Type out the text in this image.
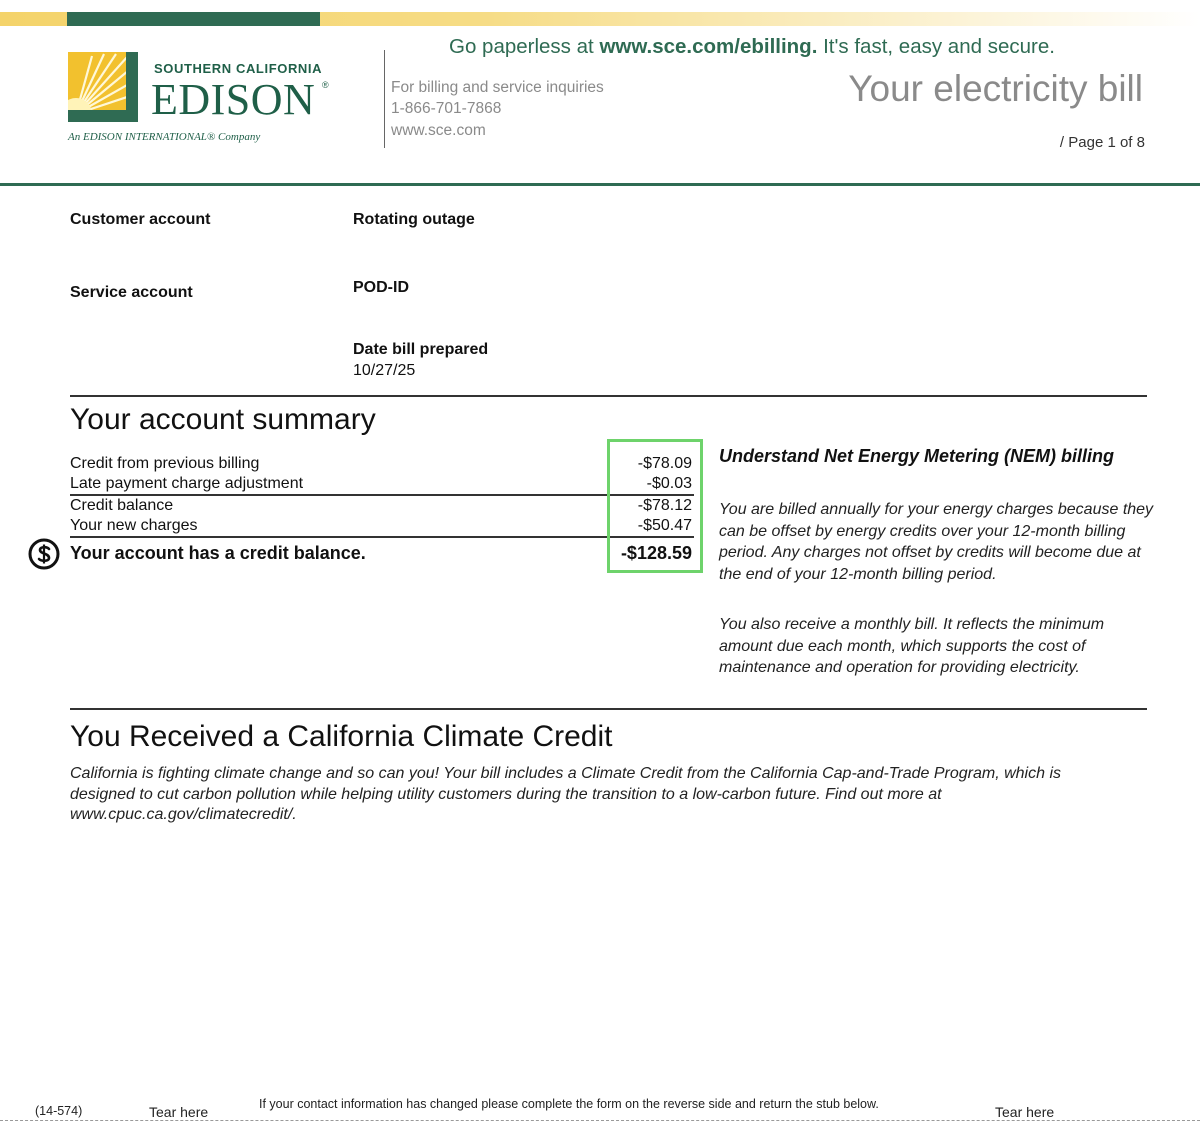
SOUTHERN CALIFORNIA
EDISON ®
An EDISON INTERNATIONAL® Company
For billing and service inquiries
1-866-701-7868
www.sce.com
Go paperless at www.sce.com/ebilling. It's fast, easy and secure.
Your electricity bill
/ Page 1 of 8
Customer account	Rotating outage
Service account	POD-ID
Date bill prepared
10/27/25
Your account summary
Credit from previous billing	-$78.09
Late payment charge adjustment	-$0.03
Credit balance	-$78.12
Your new charges	-$50.47
Your account has a credit balance.	-$128.59
Understand Net Energy Metering (NEM) billing
You are billed annually for your energy charges because they can be offset by energy credits over your 12-month billing period. Any charges not offset by credits will become due at the end of your 12-month billing period.
You also receive a monthly bill. It reflects the minimum amount due each month, which supports the cost of maintenance and operation for providing electricity.
You Received a California Climate Credit
California is fighting climate change and so can you! Your bill includes a Climate Credit from the California Cap-and-Trade Program, which is designed to cut carbon pollution while helping utility customers during the transition to a low-carbon future. Find out more at www.cpuc.ca.gov/climatecredit/.
(14-574)	Tear here	If your contact information has changed please complete the form on the reverse side and return the stub below.	Tear here
